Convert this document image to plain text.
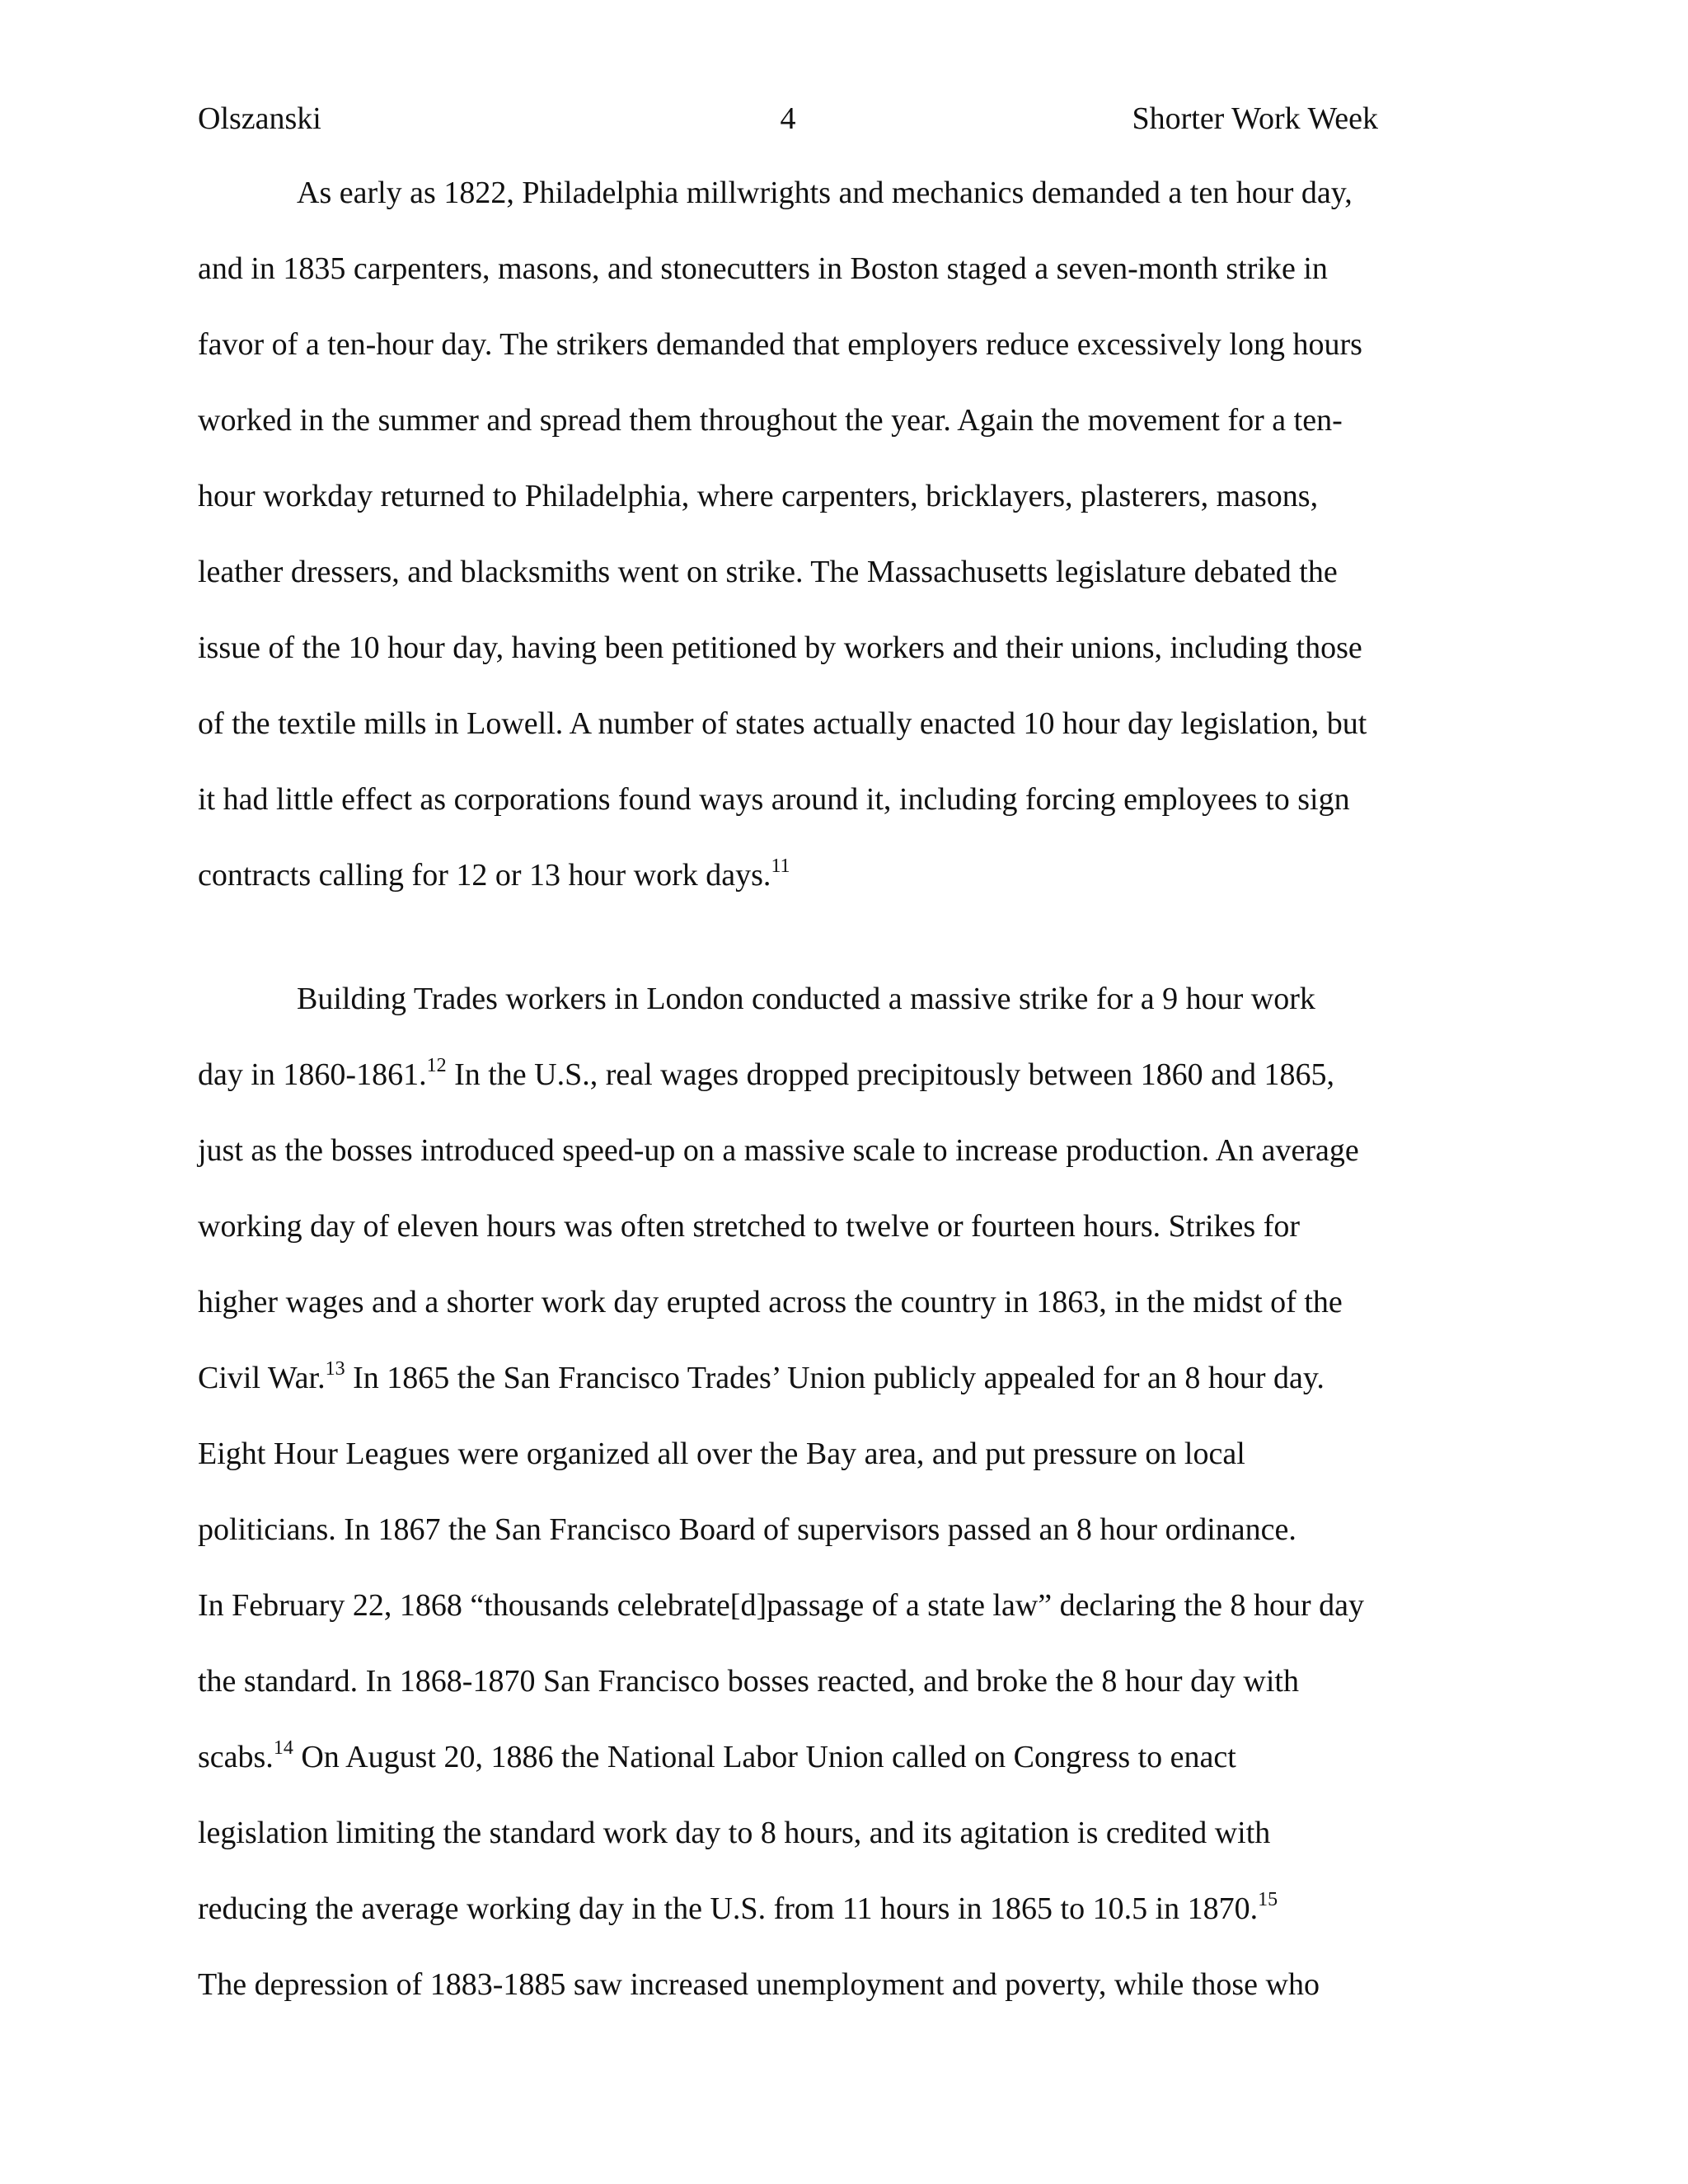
Olszanski	4	Shorter Work Week
As early as 1822, Philadelphia millwrights and mechanics demanded a ten hour day,
and in 1835 carpenters, masons, and stonecutters in Boston staged a seven-month strike in
favor of a ten-hour day. The strikers demanded that employers reduce excessively long hours
worked in the summer and spread them throughout the year. Again the movement for a ten-
hour workday returned to Philadelphia, where carpenters, bricklayers, plasterers, masons,
leather dressers, and blacksmiths went on strike. The Massachusetts legislature debated the
issue of the 10 hour day, having been petitioned by workers and their unions, including those
of the textile mills in Lowell. A number of states actually enacted 10 hour day legislation, but
it had little effect as corporations found ways around it, including forcing employees to sign
contracts calling for 12 or 13 hour work days.$^{11}$
Building Trades workers in London conducted a massive strike for a 9 hour work
day in 1860-1861.12 In the U.S., real wages dropped precipitously between 1860 and 1865,
just as the bosses introduced speed-up on a massive scale to increase production. An average
working day of eleven hours was often stretched to twelve or fourteen hours. Strikes for
higher wages and a shorter work day erupted across the country in 1863, in the midst of the
Civil War.$^{13}$ In 1865 the San Francisco Trades’ Union publicly appealed for an 8 hour day.
Eight Hour Leagues were organized all over the Bay area, and put pressure on local
politicians. In 1867 the San Francisco Board of supervisors passed an 8 hour ordinance.
In February 22, 1868 “thousands celebrate[d]passage of a state law” declaring the 8 hour day
the standard. In 1868-1870 San Francisco bosses reacted, and broke the 8 hour day with
scabs.$^{14}$ On August 20, 1886 the National Labor Union called on Congress to enact
legislation limiting the standard work day to 8 hours, and its agitation is credited with
reducing the average working day in the U.S. from 11 hours in 1865 to 10.5 in 1870.15
The depression of 1883-1885 saw increased unemployment and poverty, while those who
